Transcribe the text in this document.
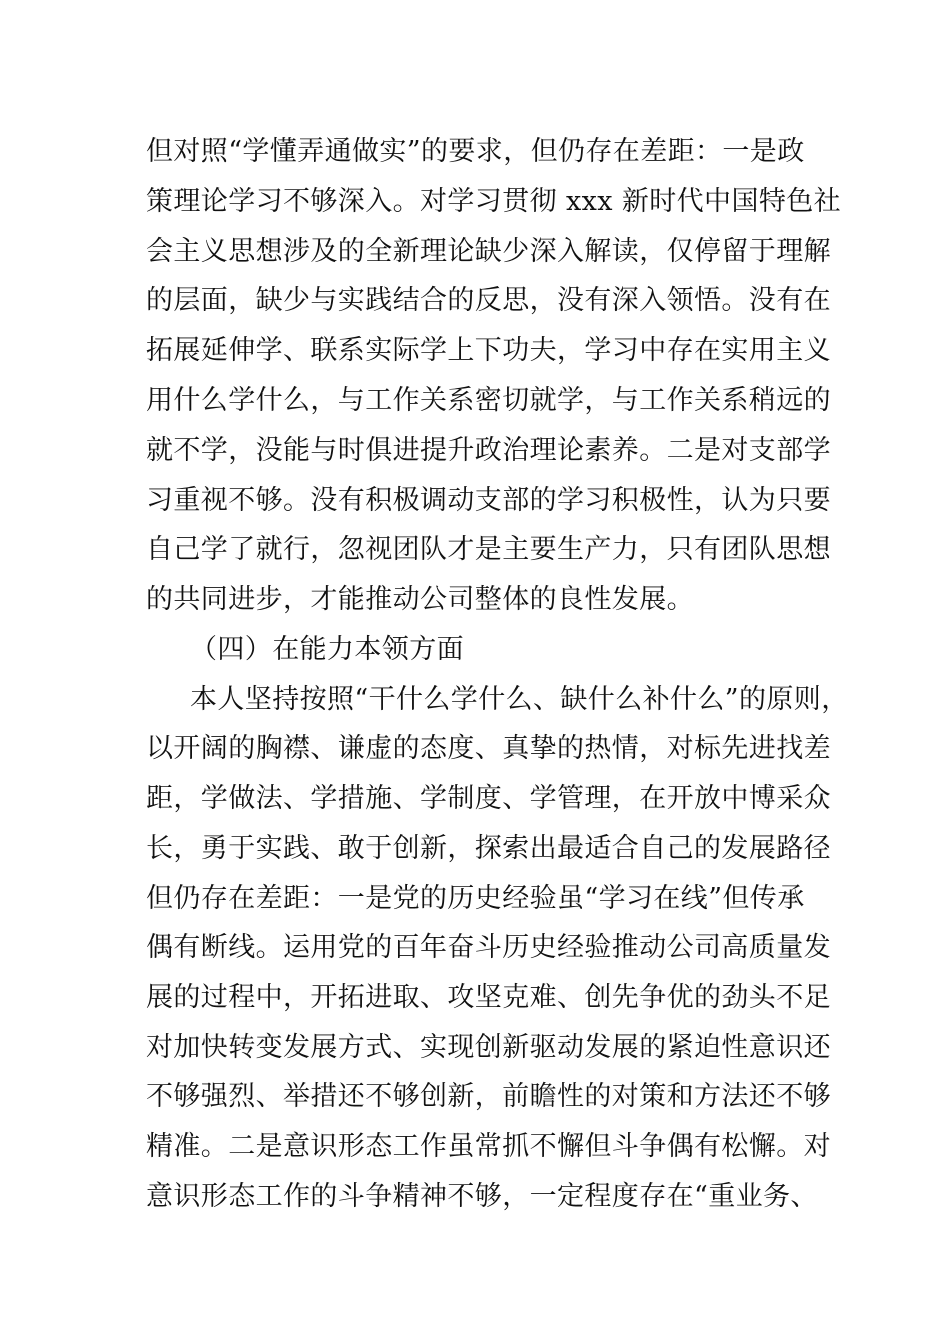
但对照“学懂弄通做实”的要求，但仍存在差距：一是政
策理论学习不够深入。对学习贯彻 xxx 新时代中国特色社
会主义思想涉及的全新理论缺少深入解读，仅停留于理解
的层面，缺少与实践结合的反思，没有深入领悟。没有在
拓展延伸学、联系实际学上下功夫，学习中存在实用主义
用什么学什么，与工作关系密切就学，与工作关系稍远的
就不学，没能与时俱进提升政治理论素养。二是对支部学
习重视不够。没有积极调动支部的学习积极性，认为只要
自己学了就行，忽视团队才是主要生产力，只有团队思想
的共同进步，才能推动公司整体的良性发展。
（四）在能力本领方面
本人坚持按照“干什么学什么、缺什么补什么”的原则，
以开阔的胸襟、谦虚的态度、真挚的热情，对标先进找差
距，学做法、学措施、学制度、学管理，在开放中博采众
长，勇于实践、敢于创新，探索出最适合自己的发展路径
但仍存在差距：一是党的历史经验虽“学习在线”但传承
偶有断线。运用党的百年奋斗历史经验推动公司高质量发
展的过程中，开拓进取、攻坚克难、创先争优的劲头不足
对加快转变发展方式、实现创新驱动发展的紧迫性意识还
不够强烈、举措还不够创新，前瞻性的对策和方法还不够
精准。二是意识形态工作虽常抓不懈但斗争偶有松懈。对
意识形态工作的斗争精神不够，一定程度存在“重业务、
